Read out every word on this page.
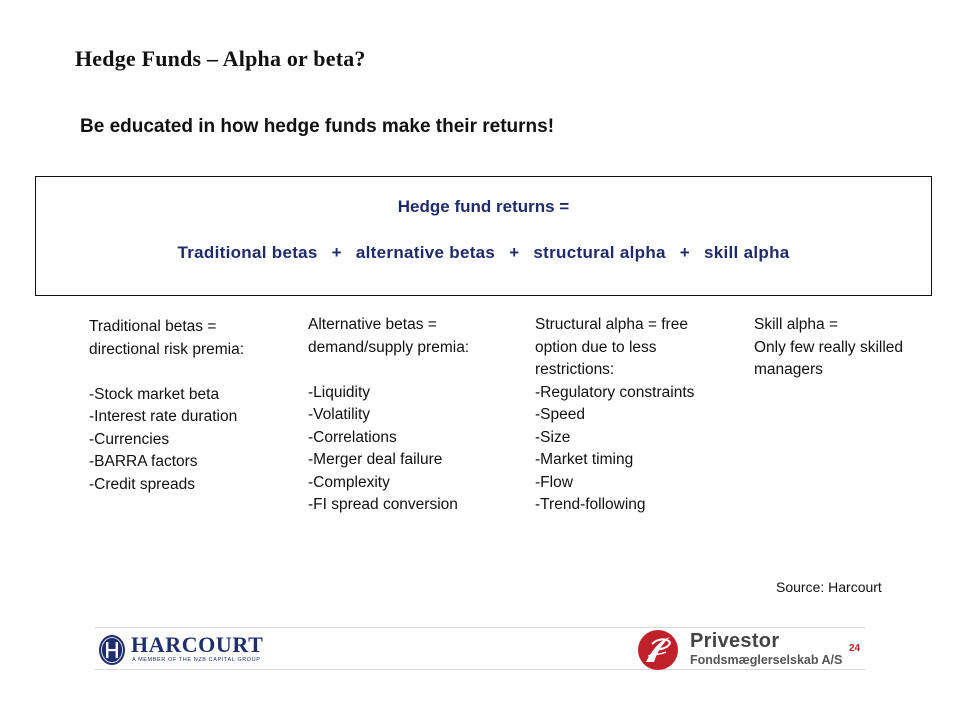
Hedge Funds – Alpha or beta?
Be educated in how hedge funds make their returns!
Hedge fund returns =
Traditional betas + alternative betas + structural alpha + skill alpha
Traditional betas =
directional risk premia:
-Stock market beta
-Interest rate duration
-Currencies
-BARRA factors
-Credit spreads
Alternative betas =
demand/supply premia:
-Liquidity
-Volatility
-Correlations
-Merger deal failure
-Complexity
-FI spread conversion
Structural alpha = free
option due to less
restrictions:
-Regulatory constraints
-Speed
-Size
-Market timing
-Flow
-Trend-following
Skill alpha =
Only few really skilled
managers
Source: Harcourt
HARCOURT
A MEMBER OF THE NZB CAPITAL GROUP
Privestor
Fondsmæglerselskab A/S
24
